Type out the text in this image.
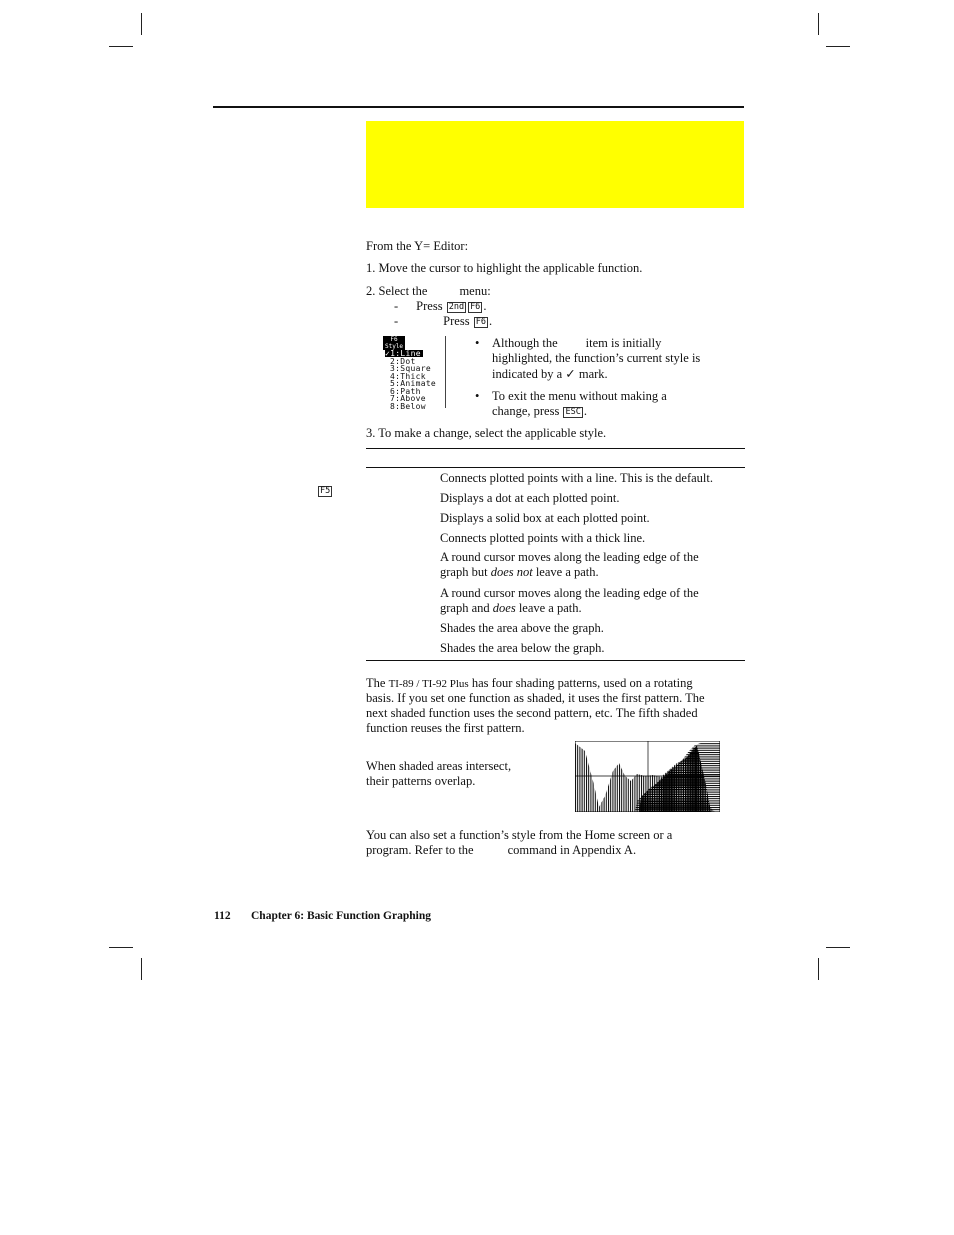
From the Y= Editor:
1. Move the cursor to highlight the applicable function.
2. Select the	menu:
- Press 2nd F6 .
-	Press F6 .
F6 Style
✓1:Line
2:Dot
3:Square
4:Thick
5:Animate
6:Path
7:Above
8:Below
• Although the item is initially
highlighted, the function’s current style is
indicated by a ✓ mark.
• To exit the menu without making a
change, press ESC .
3. To make a change, select the applicable style.
F5
Connects plotted points with a line. This is the default.
Displays a dot at each plotted point.
Displays a solid box at each plotted point.
Connects plotted points with a thick line.
A round cursor moves along the leading edge of the
graph but does not leave a path.
A round cursor moves along the leading edge of the
graph and does leave a path.
Shades the area above the graph.
Shades the area below the graph.
The TI-89 / TI-92 Plus has four shading patterns, used on a rotating
basis. If you set one function as shaded, it uses the first pattern. The
next shaded function uses the second pattern, etc. The fifth shaded
function reuses the first pattern.
When shaded areas intersect,
their patterns overlap.
You can also set a function’s style from the Home screen or a
program. Refer to the	command in Appendix A.
112 Chapter 6: Basic Function Graphing
